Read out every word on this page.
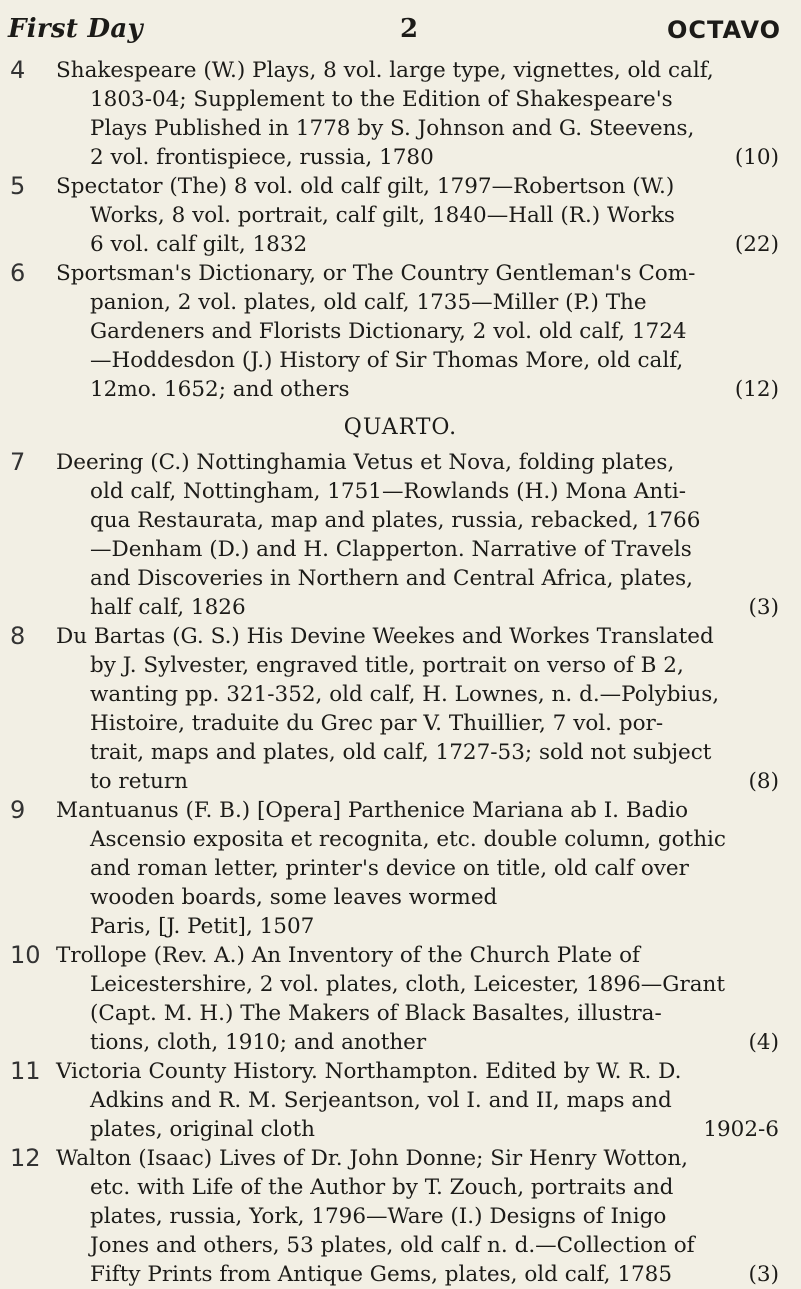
First Day	2	OCTAVO
4	Shakespeare (W.) Plays, 8 vol. large type, vignettes, old calf,
1803-04; Supplement to the Edition of Shakespeare's
Plays Published in 1778 by S. Johnson and G. Steevens,
2 vol. frontispiece, russia, 1780	(10)
5	Spectator (The) 8 vol. old calf gilt, 1797—Robertson (W.)
Works, 8 vol. portrait, calf gilt, 1840—Hall (R.) Works
6 vol. calf gilt, 1832	(22)
6	Sportsman's Dictionary, or The Country Gentleman's Com-
panion, 2 vol. plates, old calf, 1735—Miller (P.) The
Gardeners and Florists Dictionary, 2 vol. old calf, 1724
—Hoddesdon (J.) History of Sir Thomas More, old calf,
12mo. 1652; and others	(12)
QUARTO.
7	Deering (C.) Nottinghamia Vetus et Nova, folding plates,
old calf, Nottingham, 1751—Rowlands (H.) Mona Anti-
qua Restaurata, map and plates, russia, rebacked, 1766
—Denham (D.) and H. Clapperton. Narrative of Travels
and Discoveries in Northern and Central Africa, plates,
half calf, 1826	(3)
8	Du Bartas (G. S.) His Devine Weekes and Workes Translated
by J. Sylvester, engraved title, portrait on verso of B 2,
wanting pp. 321-352, old calf, H. Lownes, n. d.—Polybius,
Histoire, traduite du Grec par V. Thuillier, 7 vol. por-
trait, maps and plates, old calf, 1727-53; sold not subject
to return	(8)
9	Mantuanus (F. B.) [Opera] Parthenice Mariana ab I. Badio
Ascensio exposita et recognita, etc. double column, gothic
and roman letter, printer's device on title, old calf over
wooden boards, some leaves wormed
Paris, [J. Petit], 1507
10 Trollope (Rev. A.) An Inventory of the Church Plate of
Leicestershire, 2 vol. plates, cloth, Leicester, 1896—Grant
(Capt. M. H.) The Makers of Black Basaltes, illustra-
tions, cloth, 1910; and another	(4)
11 Victoria County History. Northampton. Edited by W. R. D.
Adkins and R. M. Serjeantson, vol I. and II, maps and
plates, original cloth	1902-6
12 Walton (Isaac) Lives of Dr. John Donne; Sir Henry Wotton,
etc. with Life of the Author by T. Zouch, portraits and
plates, russia, York, 1796—Ware (I.) Designs of Inigo
Jones and others, 53 plates, old calf n. d.—Collection of
Fifty Prints from Antique Gems, plates, old calf, 1785	(3)
